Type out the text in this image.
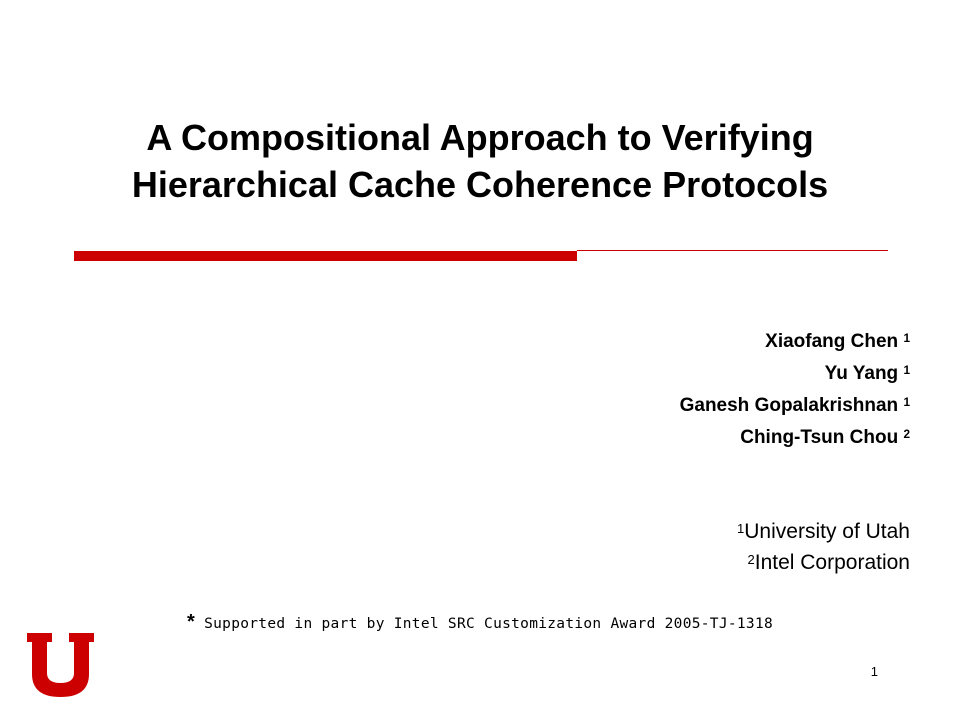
A Compositional Approach to Verifying
Hierarchical Cache Coherence Protocols
Xiaofang Chen $^1$
Yu Yang $^1$
Ganesh Gopalakrishnan $^1$
Ching-Tsun Chou $^2$
$^1$University of Utah
$^2$Intel Corporation
* Supported in part by Intel SRC Customization Award 2005-TJ-1318
1
